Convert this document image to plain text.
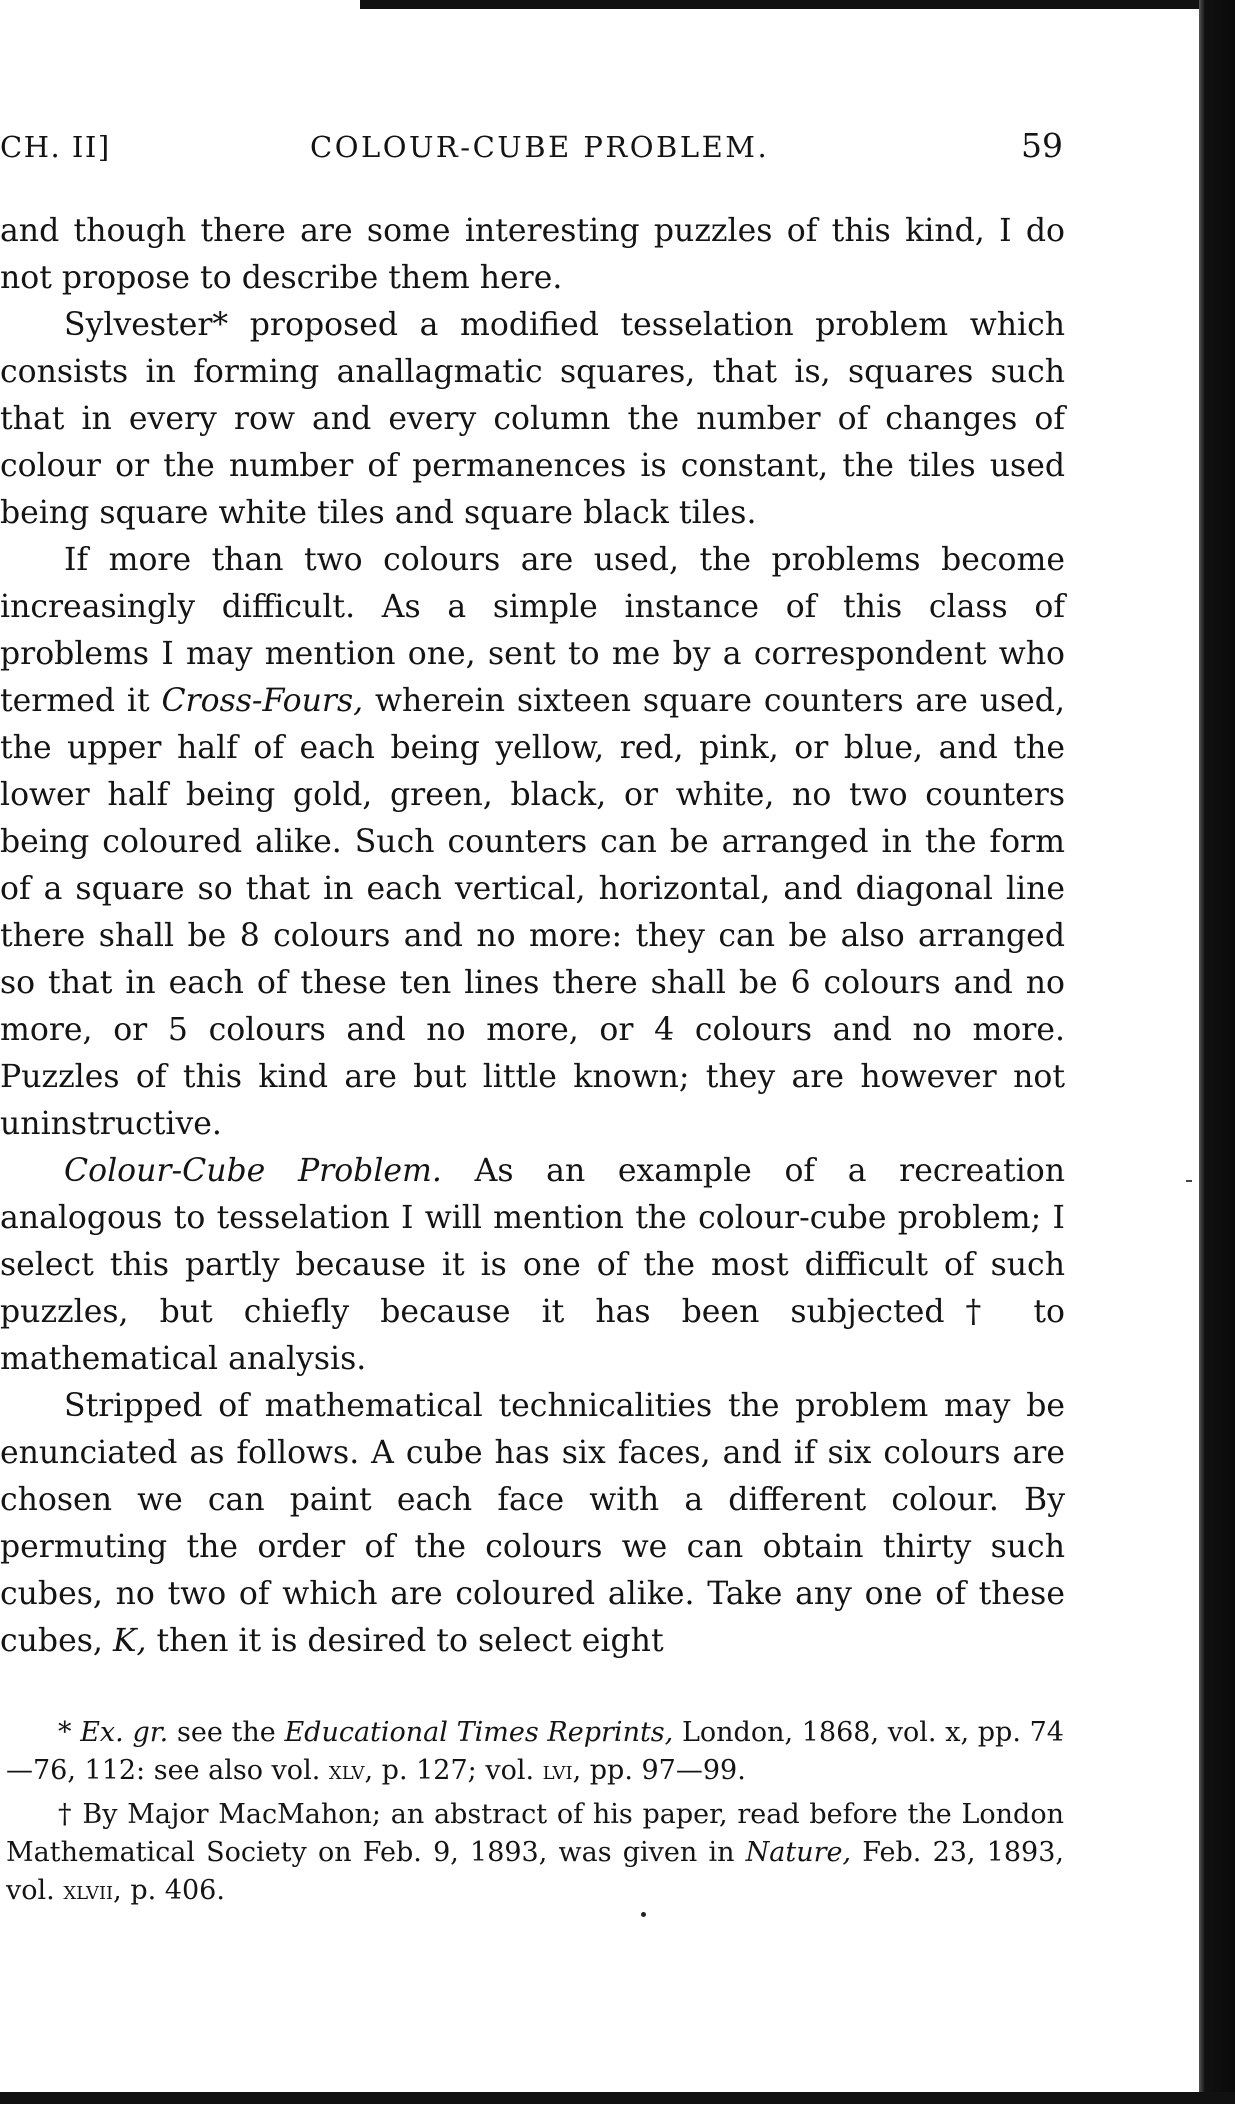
CH. II]	COLOUR-CUBE PROBLEM.	59

and though there are some interesting puzzles of this kind, I do not propose to describe them here.

Sylvester* proposed a modified tesselation problem which consists in forming anallagmatic squares, that is, squares such that in every row and every column the number of changes of colour or the number of permanences is constant, the tiles used being square white tiles and square black tiles.

If more than two colours are used, the problems become increasingly difficult. As a simple instance of this class of problems I may mention one, sent to me by a correspondent who termed it Cross-Fours, wherein sixteen square counters are used, the upper half of each being yellow, red, pink, or blue, and the lower half being gold, green, black, or white, no two counters being coloured alike. Such counters can be arranged in the form of a square so that in each vertical, horizontal, and diagonal line there shall be 8 colours and no more: they can be also arranged so that in each of these ten lines there shall be 6 colours and no more, or 5 colours and no more, or 4 colours and no more. Puzzles of this kind are but little known; they are however not uninstructive.

Colour-Cube Problem. As an example of a recreation analogous to tesselation I will mention the colour-cube problem; I select this partly because it is one of the most difficult of such puzzles, but chiefly because it has been subjected† to mathematical analysis.

Stripped of mathematical technicalities the problem may be enunciated as follows. A cube has six faces, and if six colours are chosen we can paint each face with a different colour. By permuting the order of the colours we can obtain thirty such cubes, no two of which are coloured alike. Take any one of these cubes, K, then it is desired to select eight

* Ex. gr. see the Educational Times Reprints, London, 1868, vol. x, pp. 74—76, 112: see also vol. xlv, p. 127; vol. lvi, pp. 97—99.

† By Major MacMahon; an abstract of his paper, read before the London Mathematical Society on Feb. 9, 1893, was given in Nature, Feb. 23, 1893, vol. xlvii, p. 406.
